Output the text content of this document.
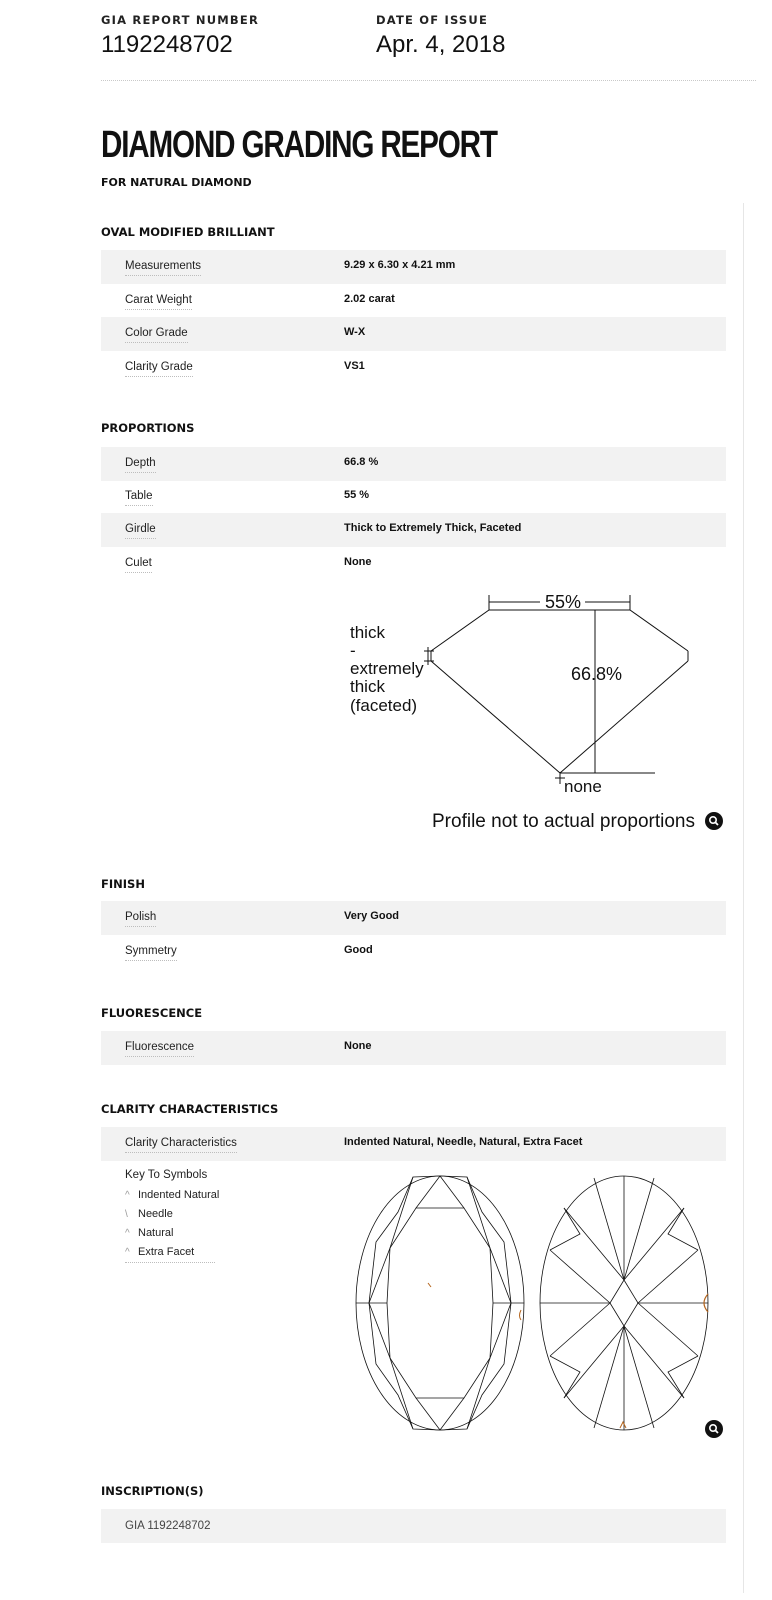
GIA REPORT NUMBER
1192248702
DATE OF ISSUE
Apr. 4, 2018
DIAMOND GRADING REPORT
FOR NATURAL DIAMOND
OVAL MODIFIED BRILLIANT
Measurements	9.29 x 6.30 x 4.21 mm
Carat Weight	2.02 carat
Color Grade	W-X
Clarity Grade	VS1
PROPORTIONS
Depth	66.8 %
Table	55 %
Girdle	Thick to Extremely Thick, Faceted
Culet	None
55%
66.8%
thick
-
extremely
thick
(faceted)
none
Profile not to actual proportions
FINISH
Polish	Very Good
Symmetry	Good
FLUORESCENCE
Fluorescence	None
CLARITY CHARACTERISTICS
Clarity Characteristics	Indented Natural, Needle, Natural, Extra Facet
Key To Symbols
^ Indented Natural
\ Needle
^ Natural
^ Extra Facet
INSCRIPTION(S)
GIA 1192248702
